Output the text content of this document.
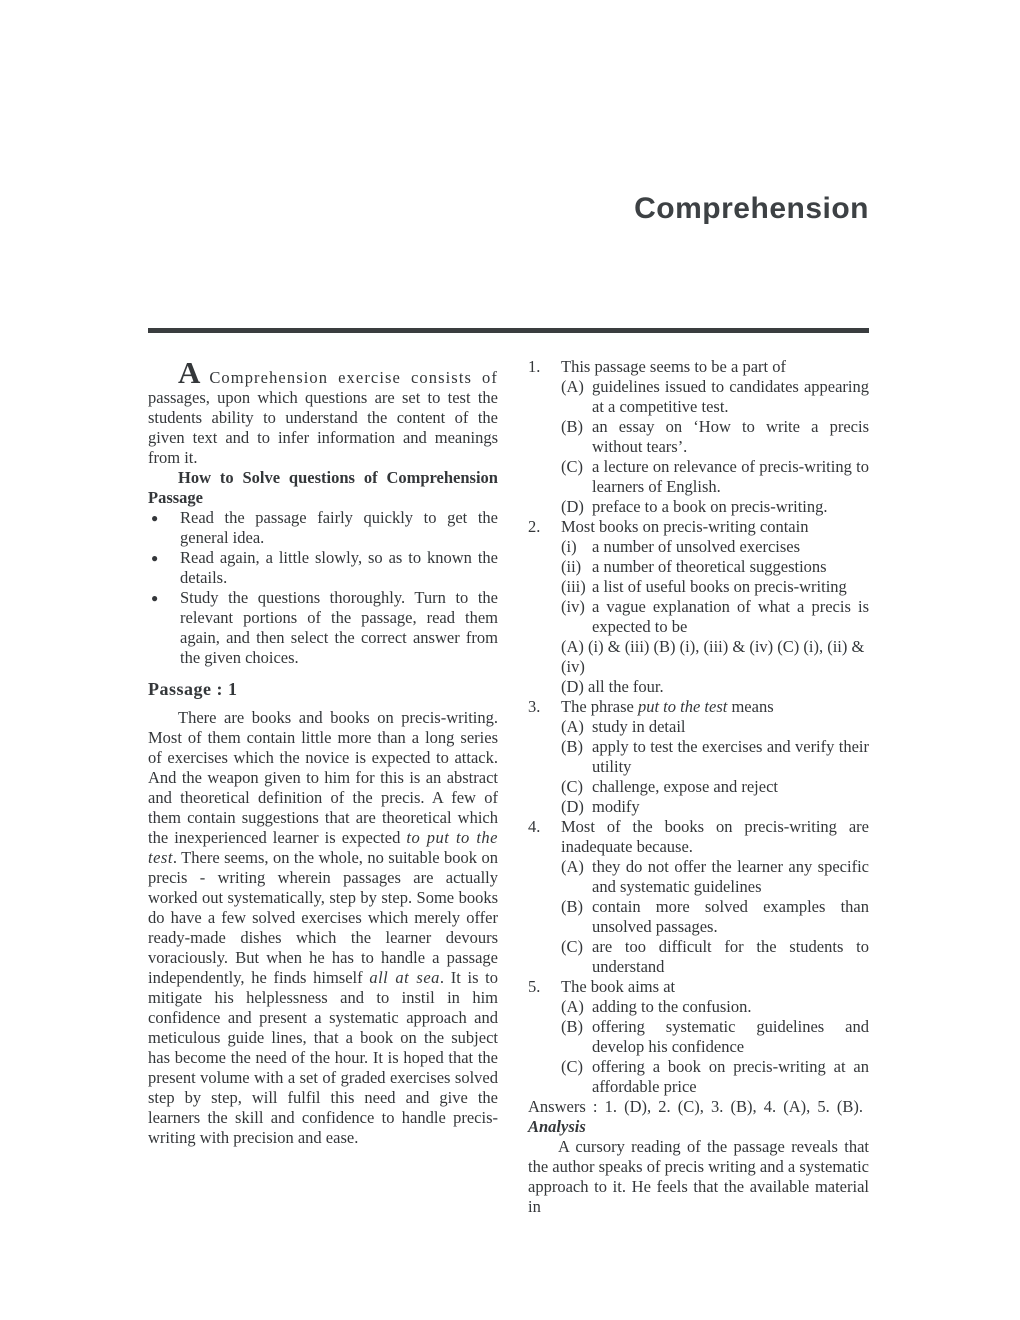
Comprehension

A Comprehension exercise consists of passages, upon which questions are set to test the students ability to understand the content of the given text and to infer information and meanings from it.

How to Solve questions of Comprehension Passage

●	Read the passage fairly quickly to get the general idea.
●	Read again, a little slowly, so as to known the details.
●	Study the questions thoroughly. Turn to the relevant portions of the passage, read them again, and then select the correct answer from the given choices.

Passage : 1

There are books and books on precis-writing. Most of them contain little more than a long series of exercises which the novice is expected to attack. And the weapon given to him for this is an abstract and theoretical definition of the precis. A few of them contain suggestions that are theoretical which the inexperienced learner is expected to put to the test. There seems, on the whole, no suitable book on precis - writing wherein passages are actually worked out systematically, step by step. Some books do have a few solved exercises which merely offer ready-made dishes which the learner devours voraciously. But when he has to handle a passage independently, he finds himself all at sea. It is to mitigate his helplessness and to instil in him confidence and present a systematic approach and meticulous guide lines, that a book on the subject has become the need of the hour. It is hoped that the present volume with a set of graded exercises solved step by step, will fulfil this need and give the learners the skill and confidence to handle precis-writing with precision and ease.

1.	This passage seems to be a part of

(A) guidelines issued to candidates appearing at a competitive test.
(B) an essay on ‘How to write a precis without tears’.
(C) a lecture on relevance of precis-writing to learners of English.
(D) preface to a book on precis-writing.
2.	Most books on precis-writing contain

(i) a number of unsolved exercises
(ii) a number of theoretical suggestions
(iii) a list of useful books on precis-writing
(iv) a vague explanation of what a precis is expected to be

(A) (i) & (iii) (B) (i), (iii) & (iv) (C) (i), (ii) & (iv)

(D) all the four.

3.	The phrase put to the test means

(A) study in detail
(B) apply to test the exercises and verify their utility
(C) challenge, expose and reject
(D) modify
4.	Most of the books on precis-writing are inadequate because.

(A) they do not offer the learner any specific and systematic guidelines
(B) contain more solved examples than unsolved passages.
(C) are too difficult for the students to understand
5.	The book aims at

(A) adding to the confusion.
(B) offering systematic guidelines and develop his confidence
(C) offering a book on precis-writing at an affordable price

Answers : 1. (D), 2. (C), 3. (B), 4. (A), 5. (B).

Analysis

A cursory reading of the passage reveals that the author speaks of precis writing and a systematic approach to it. He feels that the available material in
